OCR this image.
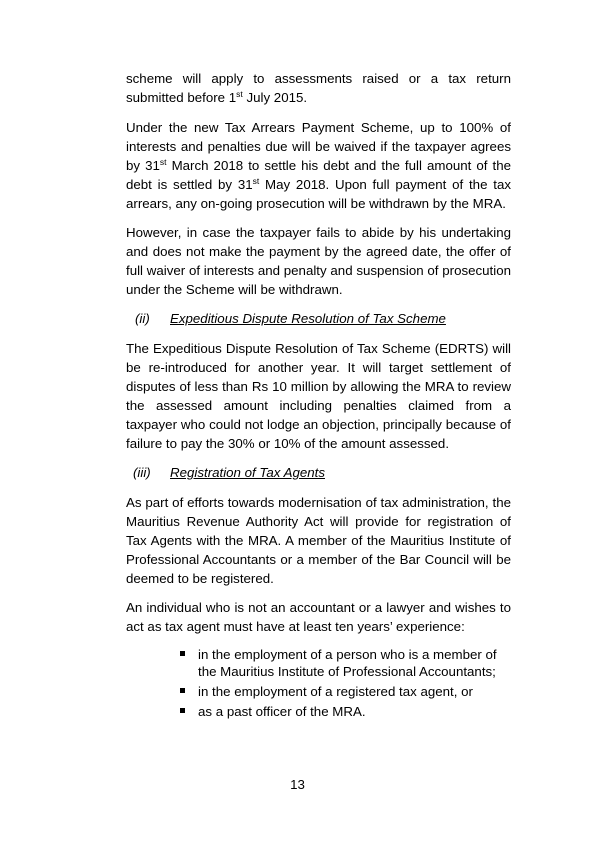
scheme will apply to assessments raised or a tax return submitted before 1st July 2015.

Under the new Tax Arrears Payment Scheme, up to 100% of interests and penalties due will be waived if the taxpayer agrees by 31st March 2018 to settle his debt and the full amount of the debt is settled by 31st May 2018. Upon full payment of the tax arrears, any on-going prosecution will be withdrawn by the MRA.

However, in case the taxpayer fails to abide by his undertaking and does not make the payment by the agreed date, the offer of full waiver of interests and penalty and suspension of prosecution under the Scheme will be withdrawn.

(ii)	Expeditious Dispute Resolution of Tax Scheme

The Expeditious Dispute Resolution of Tax Scheme (EDRTS) will be re-introduced for another year. It will target settlement of disputes of less than Rs 10 million by allowing the MRA to review the assessed amount including penalties claimed from a taxpayer who could not lodge an objection, principally because of failure to pay the 30% or 10% of the amount assessed.

(iii)	Registration of Tax Agents

As part of efforts towards modernisation of tax administration, the Mauritius Revenue Authority Act will provide for registration of Tax Agents with the MRA. A member of the Mauritius Institute of Professional Accountants or a member of the Bar Council will be deemed to be registered.

An individual who is not an accountant or a lawyer and wishes to act as tax agent must have at least ten years’ experience:

in the employment of a person who is a member of the Mauritius Institute of Professional Accountants;
in the employment of a registered tax agent, or
as a past officer of the MRA.
13
